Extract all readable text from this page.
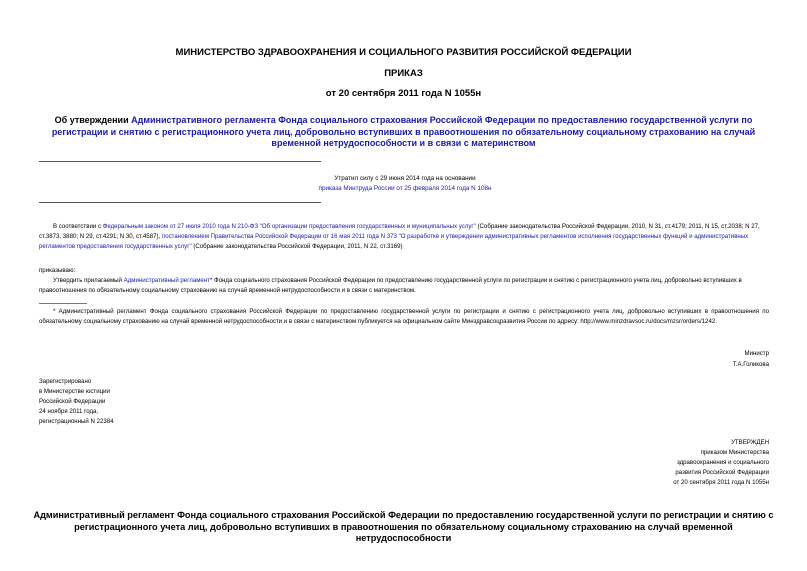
МИНИСТЕРСТВО ЗДРАВООХРАНЕНИЯ И СОЦИАЛЬНОГО РАЗВИТИЯ РОССИЙСКОЙ ФЕДЕРАЦИИ
ПРИКАЗ
от 20 сентября 2011 года N 1055н
Об утверждении Административного регламента Фонда социального страхования Российской Федерации по предоставлению государственной услуги по регистрации и снятию с регистрационного учета лиц, добровольно вступивших в правоотношения по обязательному социальному страхованию на случай временной нетрудоспособности и в связи с материнством
Утратил силу с 29 июня 2014 года на основании
приказа Минтруда России от 25 февраля 2014 года N 108н
В соответствии с Федеральным законом от 27 июля 2010 года N 210-ФЗ "Об организации предоставления государственных и муниципальных услуг" (Собрание законодательства Российской Федерации, 2010, N 31, ст.4179; 2011, N 15, ст.2038; N 27, ст.3873, 3880; N 29, ст.4291; N 30, ст.4587), постановлением Правительства Российской Федерации от 16 мая 2011 года N 373 "О разработке и утверждении административных регламентов исполнения государственных функций и административных регламентов предоставления государственных услуг" (Собрание законодательства Российской Федерации, 2011, N 22, ст.3169)
приказываю:
Утвердить прилагаемый Административный регламент* Фонда социального страхования Российской Федерации по предоставлению государственной услуги по регистрации и снятию с регистрационного учета лиц, добровольно вступивших в правоотношения по обязательному социальному страхованию на случай временной нетрудоспособности и в связи с материнством.
* Административный регламент Фонда социального страхования Российской Федерации по предоставлению государственной услуги по регистрации и снятию с регистрационного учета лиц, добровольно вступивших в правоотношения по обязательному социальному страхованию на случай временной нетрудоспособности и в связи с материнством публикуется на официальном сайте Минздравсоцразвития России по адресу: http://www.minzdravsoc.ru/docs/mzsr/orders/1242.
Министр
Т.А.Голикова
Зарегистрировано
в Министерстве юстиции
Российской Федерации
24 ноября 2011 года,
регистрационный N 22384
УТВЕРЖДЕН
приказом Министерства
здравоохранения и социального
развития Российской Федерации
от 20 сентября 2011 года N 1055н
Административный регламент Фонда социального страхования Российской Федерации по предоставлению государственной услуги по регистрации и снятию с регистрационного учета лиц, добровольно вступивших в правоотношения по обязательному социальному страхованию на случай временной нетрудоспособности
